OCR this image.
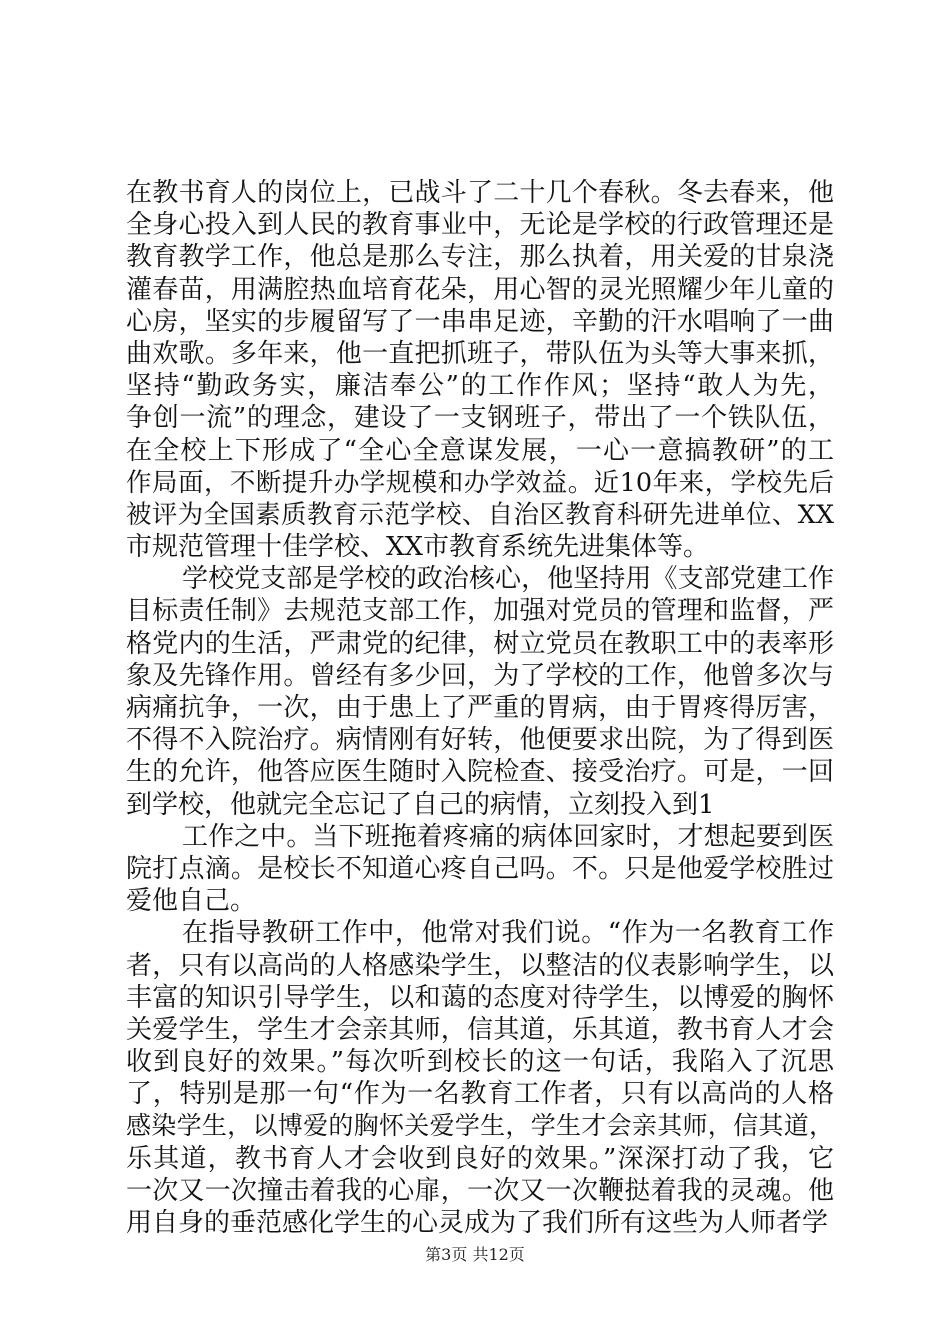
在教书育人的岗位上，已战斗了二十几个春秋。冬去春来，他
全身心投入到人民的教育事业中，无论是学校的行政管理还是
教育教学工作，他总是那么专注，那么执着，用关爱的甘泉浇
灌春苗，用满腔热血培育花朵，用心智的灵光照耀少年儿童的
心房，坚实的步履留写了一串串足迹，辛勤的汗水唱响了一曲
曲欢歌。多年来，他一直把抓班子，带队伍为头等大事来抓，
坚持“勤政务实，廉洁奉公”的工作作风；坚持“敢人为先，
争创一流”的理念，建设了一支钢班子，带出了一个铁队伍，
在全校上下形成了“全心全意谋发展，一心一意搞教研”的工
作局面，不断提升办学规模和办学效益。近10年来，学校先后
被评为全国素质教育示范学校、自治区教育科研先进单位、XX
市规范管理十佳学校、XX市教育系统先进集体等。
学校党支部是学校的政治核心，他坚持用《支部党建工作
目标责任制》去规范支部工作，加强对党员的管理和监督，严
格党内的生活，严肃党的纪律，树立党员在教职工中的表率形
象及先锋作用。曾经有多少回，为了学校的工作，他曾多次与
病痛抗争，一次，由于患上了严重的胃病，由于胃疼得厉害，
不得不入院治疗。病情刚有好转，他便要求出院，为了得到医
生的允许，他答应医生随时入院检查、接受治疗。可是，一回
到学校，他就完全忘记了自己的病情，立刻投入到1
工作之中。当下班拖着疼痛的病体回家时，才想起要到医
院打点滴。是校长不知道心疼自己吗。不。只是他爱学校胜过
爱他自己。
在指导教研工作中，他常对我们说。“作为一名教育工作
者，只有以高尚的人格感染学生，以整洁的仪表影响学生，以
丰富的知识引导学生，以和蔼的态度对待学生，以博爱的胸怀
关爱学生，学生才会亲其师，信其道，乐其道，教书育人才会
收到良好的效果。”每次听到校长的这一句话，我陷入了沉思
了，特别是那一句“作为一名教育工作者，只有以高尚的人格
感染学生，以博爱的胸怀关爱学生，学生才会亲其师，信其道，
乐其道，教书育人才会收到良好的效果。”深深打动了我，它
一次又一次撞击着我的心扉，一次又一次鞭挞着我的灵魂。他
用自身的垂范感化学生的心灵成为了我们所有这些为人师者学
第3页 共12页
